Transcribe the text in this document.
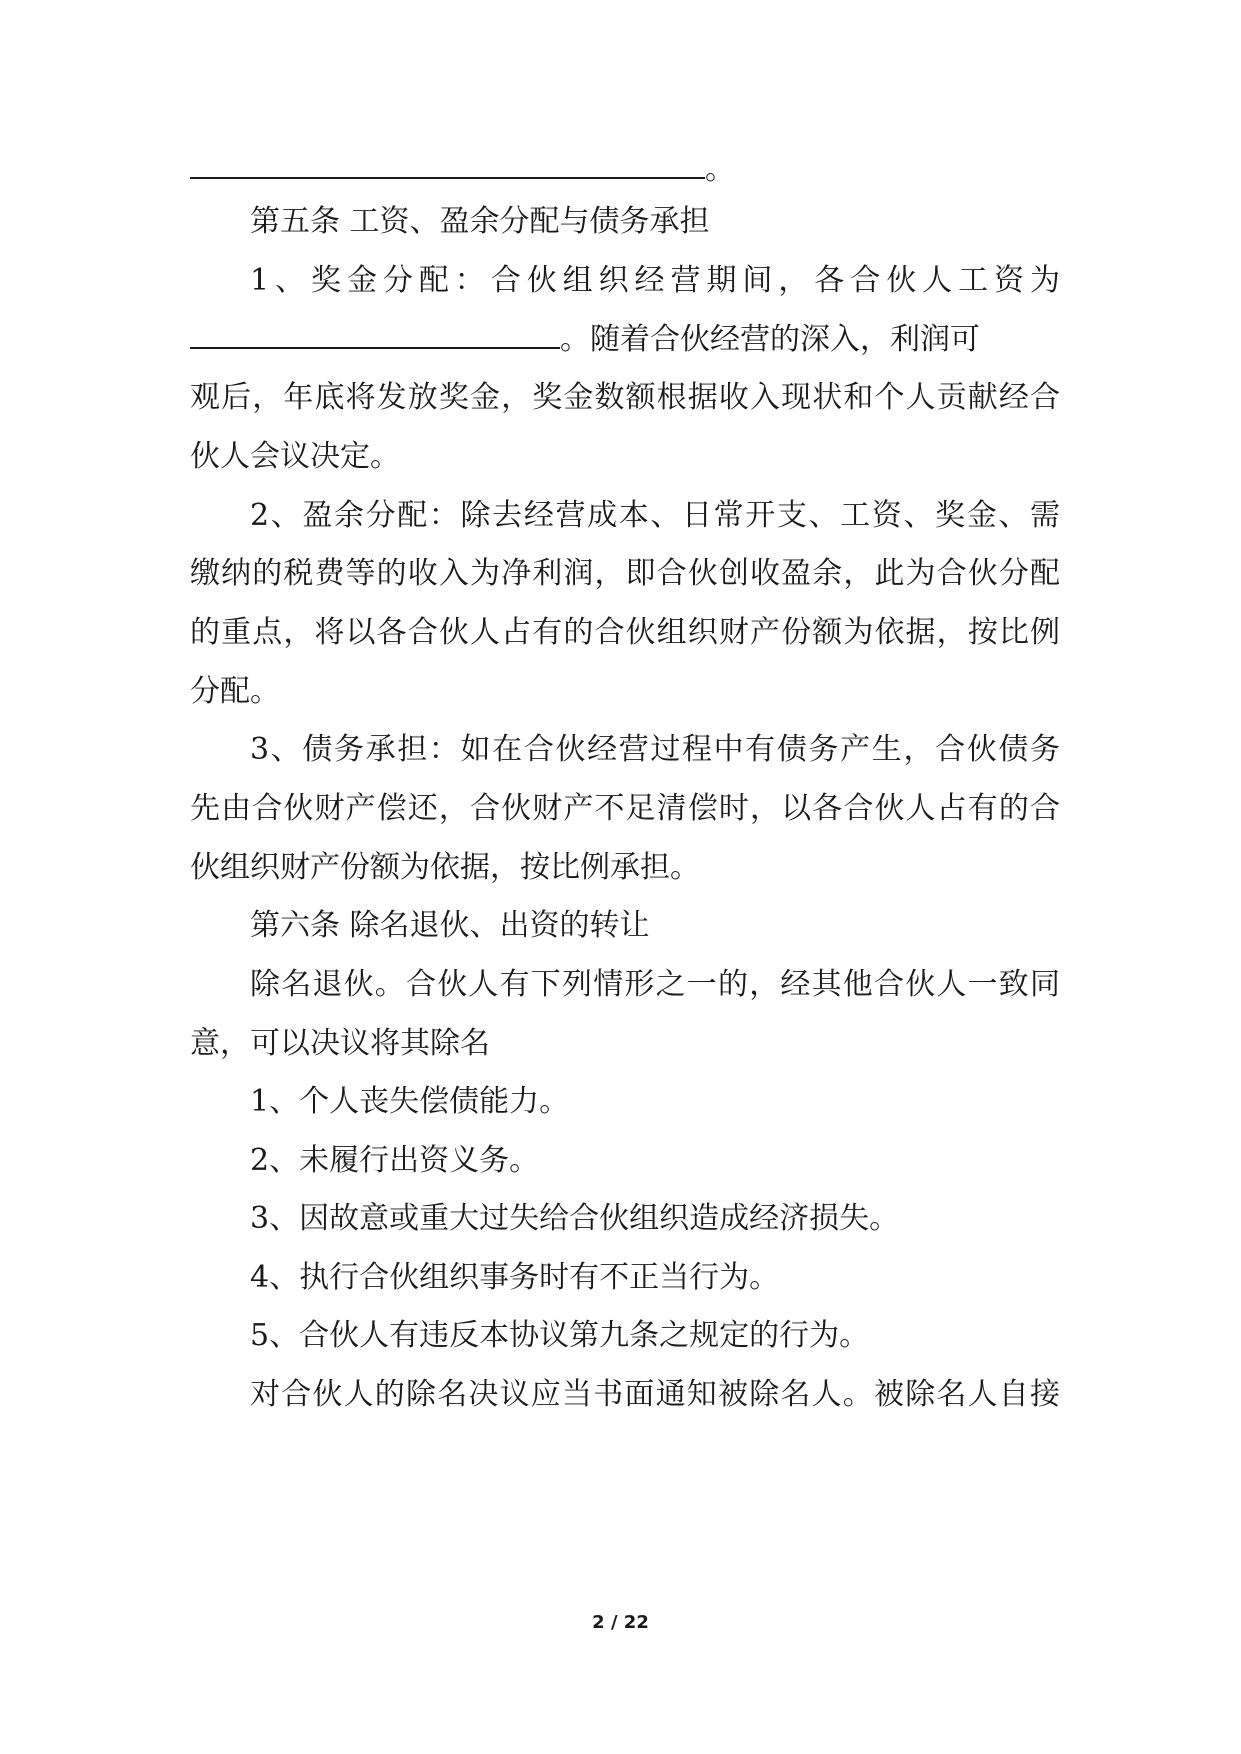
。
第五条 工资、盈余分配与债务承担
1、奖金分配：合伙组织经营期间，各合伙人工资为
。随着合伙经营的深入，利润可
观后，年底将发放奖金，奖金数额根据收入现状和个人贡献经合
伙人会议决定。
2、盈余分配：除去经营成本、日常开支、工资、奖金、需
缴纳的税费等的收入为净利润，即合伙创收盈余，此为合伙分配
的重点，将以各合伙人占有的合伙组织财产份额为依据，按比例
分配。
3、债务承担：如在合伙经营过程中有债务产生，合伙债务
先由合伙财产偿还，合伙财产不足清偿时，以各合伙人占有的合
伙组织财产份额为依据，按比例承担。
第六条 除名退伙、出资的转让
除名退伙。合伙人有下列情形之一的，经其他合伙人一致同
意，可以决议将其除名
1、个人丧失偿债能力。
2、未履行出资义务。
3、因故意或重大过失给合伙组织造成经济损失。
4、执行合伙组织事务时有不正当行为。
5、合伙人有违反本协议第九条之规定的行为。
对合伙人的除名决议应当书面通知被除名人。被除名人自接
2 / 22
